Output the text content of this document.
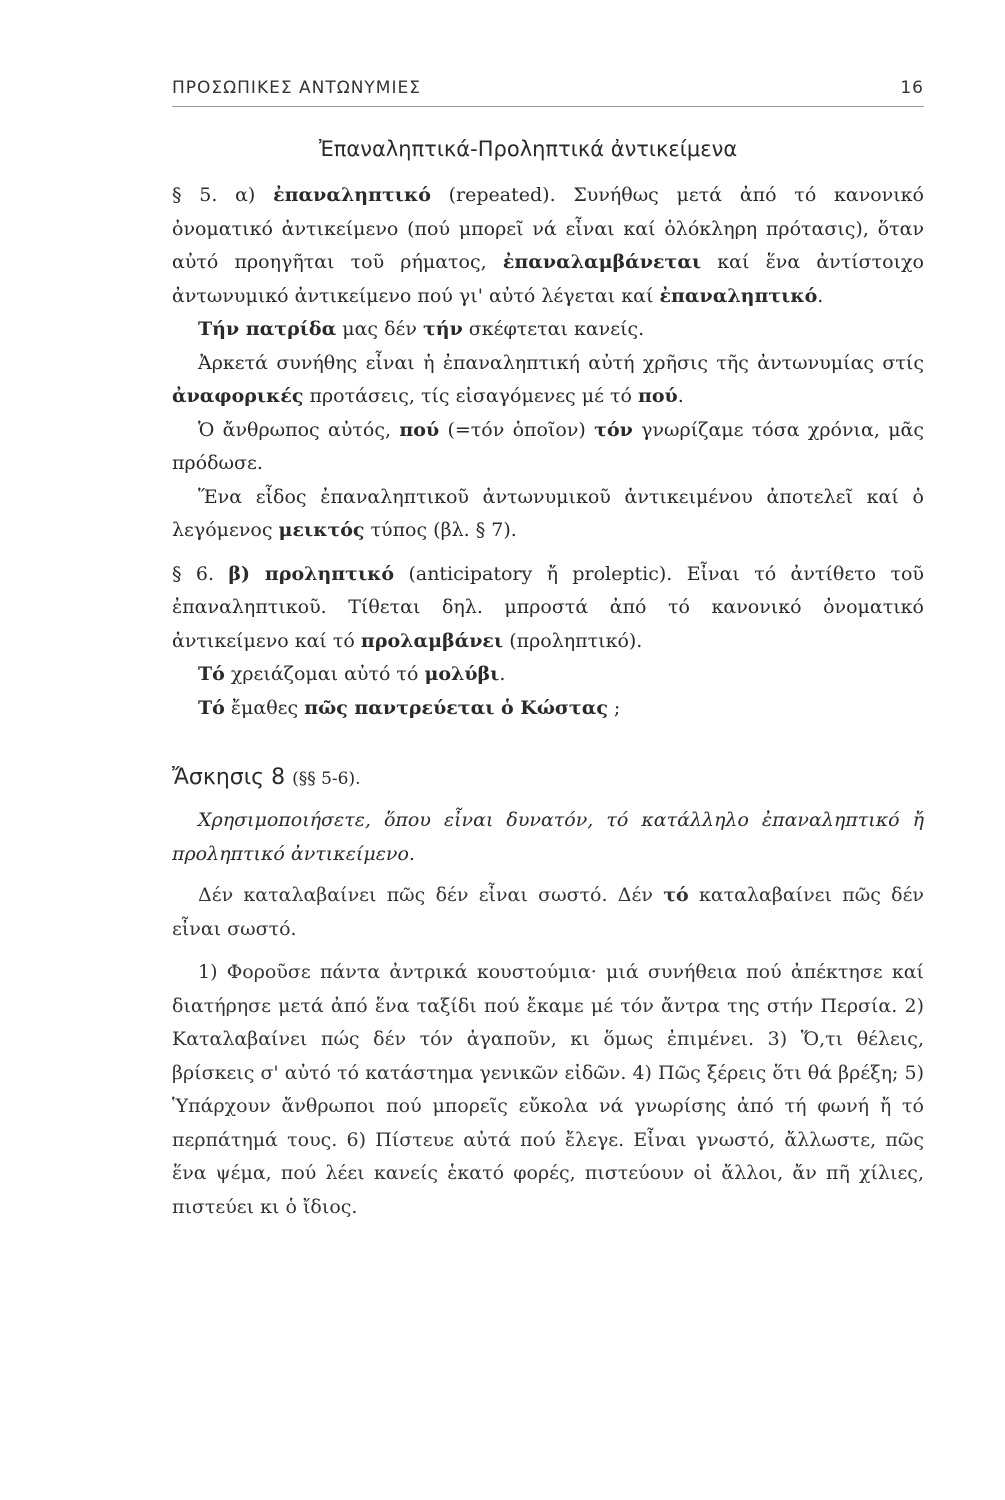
ΠΡΟΣΩΠΙΚΕΣ ΑΝΤΩΝΥΜΙΕΣ	16
Ἐπαναληπτικά-Προληπτικά ἀντικείμενα

§ 5. α) ἐπαναληπτικό (repeated). Συνήθως μετά ἀπό τό κανονικό ὀνοματικό ἀντικείμενο (πού μπορεῖ νά εἶναι καί ὁλόκληρη πρότασις), ὅταν αὐτό προηγῆται τοῦ ρήματος, ἐπαναλαμβάνεται καί ἕνα ἀντίστοιχο ἀντωνυμικό ἀντικείμενο πού γι' αὐτό λέγεται καί ἐπαναληπτικό.

Τήν πατρίδα μας δέν τήν σκέφτεται κανείς.

Ἀρκετά συνήθης εἶναι ἡ ἐπαναληπτική αὐτή χρῆσις τῆς ἀντωνυμίας στίς ἀναφορικές προτάσεις, τίς εἰσαγόμενες μέ τό πού.

Ὁ ἄνθρωπος αὐτός, πού (=τόν ὁποῖον) τόν γνωρίζαμε τόσα χρόνια, μᾶς πρόδωσε.

Ἕνα εἶδος ἐπαναληπτικοῦ ἀντωνυμικοῦ ἀντικειμένου ἀποτελεῖ καί ὁ λεγόμενος μεικτός τύπος (βλ. § 7).

§ 6. β) προληπτικό (anticipatory ἤ proleptic). Εἶναι τό ἀντίθετο τοῦ ἐπαναληπτικοῦ. Τίθεται δηλ. μπροστά ἀπό τό κανονικό ὀνοματικό ἀντικείμενο καί τό προλαμβάνει (προληπτικό).

Τό χρειάζομαι αὐτό τό μολύβι.

Τό ἔμαθες πῶς παντρεύεται ὁ Κώστας ;

Ἄσκησις 8 (§§ 5-6).

Χρησιμοποιήσετε, ὅπου εἶναι δυνατόν, τό κατάλληλο ἐπαναληπτικό ἤ προληπτικό ἀντικείμενο.

Δέν καταλαβαίνει πῶς δέν εἶναι σωστό. Δέν τό καταλαβαίνει πῶς δέν εἶναι σωστό.

1) Φοροῦσε πάντα ἀντρικά κουστούμια· μιά συνήθεια πού ἀπέκτησε καί διατήρησε μετά ἀπό ἕνα ταξίδι πού ἔκαμε μέ τόν ἄντρα της στήν Περσία. 2) Καταλαβαίνει πώς δέν τόν ἀγαποῦν, κι ὅμως ἐπιμένει. 3) Ὅ,τι θέλεις, βρίσκεις σ' αὐτό τό κατάστημα γενικῶν εἰδῶν. 4) Πῶς ξέρεις ὅτι θά βρέξη; 5) Ὑπάρχουν ἄνθρωποι πού μπορεῖς εὔκολα νά γνωρίσης ἀπό τή φωνή ἤ τό περπάτημά τους. 6) Πίστευε αὐτά πού ἔλεγε. Εἶναι γνωστό, ἄλλωστε, πῶς ἕνα ψέμα, πού λέει κανείς ἑκατό φορές, πιστεύουν οἱ ἄλλοι, ἄν πῆ χίλιες, πιστεύει κι ὁ ἴδιος.
